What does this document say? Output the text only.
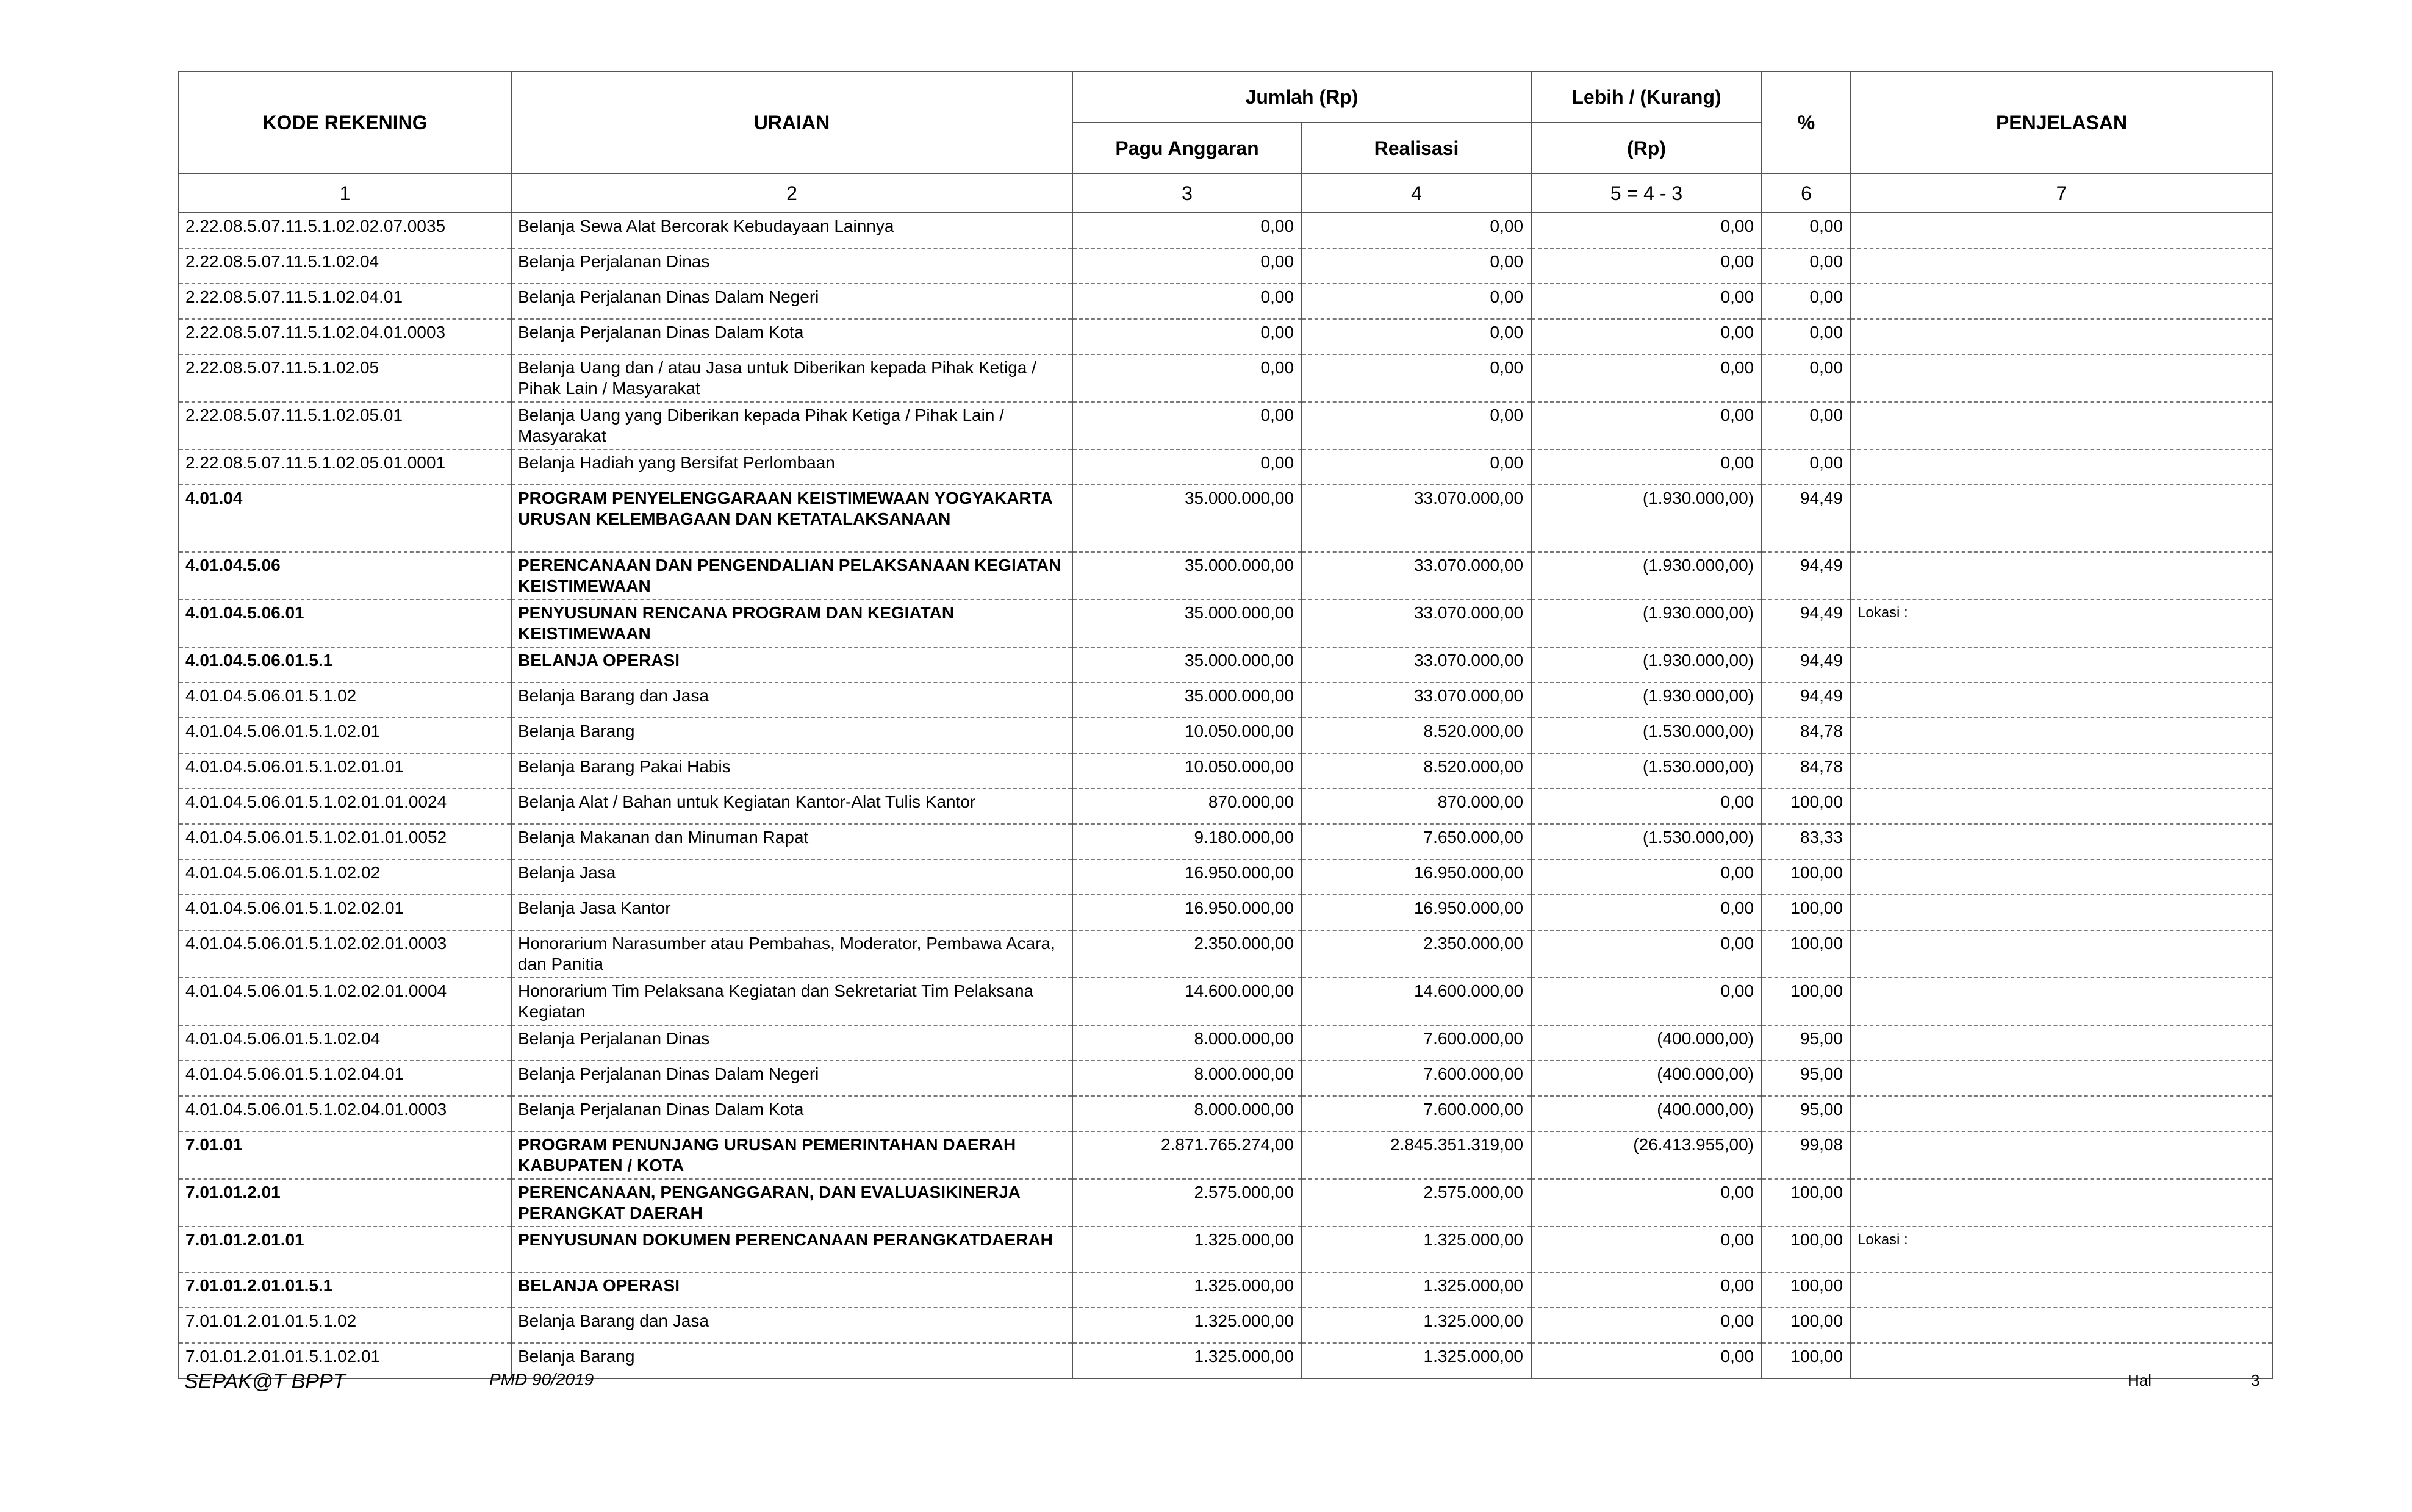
KODE REKENING	URAIAN	Jumlah (Rp)		Lebih / (Kurang)	%	PENJELASAN
		Pagu Anggaran	Realisasi	(Rp)		
1	2	3	4	5 = 4 - 3	6	7
2.22.08.5.07.11.5.1.02.02.07.0035	Belanja Sewa Alat Bercorak Kebudayaan Lainnya	0,00	0,00	0,00	0,00	
2.22.08.5.07.11.5.1.02.04	Belanja Perjalanan Dinas	0,00	0,00	0,00	0,00	
2.22.08.5.07.11.5.1.02.04.01	Belanja Perjalanan Dinas Dalam Negeri	0,00	0,00	0,00	0,00	
2.22.08.5.07.11.5.1.02.04.01.0003	Belanja Perjalanan Dinas Dalam Kota	0,00	0,00	0,00	0,00	
2.22.08.5.07.11.5.1.02.05	Belanja Uang dan / atau Jasa untuk Diberikan kepada Pihak Ketiga / Pihak Lain / Masyarakat	0,00	0,00	0,00	0,00	
2.22.08.5.07.11.5.1.02.05.01	Belanja Uang yang Diberikan kepada Pihak Ketiga / Pihak Lain / Masyarakat	0,00	0,00	0,00	0,00	
2.22.08.5.07.11.5.1.02.05.01.0001	Belanja Hadiah yang Bersifat Perlombaan	0,00	0,00	0,00	0,00	
4.01.04	PROGRAM PENYELENGGARAAN KEISTIMEWAAN YOGYAKARTA URUSAN KELEMBAGAAN DAN KETATALAKSANAAN	35.000.000,00	33.070.000,00	(1.930.000,00)	94,49	
4.01.04.5.06	PERENCANAAN DAN PENGENDALIAN PELAKSANAAN KEGIATAN KEISTIMEWAAN	35.000.000,00	33.070.000,00	(1.930.000,00)	94,49	
4.01.04.5.06.01	PENYUSUNAN RENCANA PROGRAM DAN KEGIATAN KEISTIMEWAAN	35.000.000,00	33.070.000,00	(1.930.000,00)	94,49	Lokasi :
4.01.04.5.06.01.5.1	BELANJA OPERASI	35.000.000,00	33.070.000,00	(1.930.000,00)	94,49	
4.01.04.5.06.01.5.1.02	Belanja Barang dan Jasa	35.000.000,00	33.070.000,00	(1.930.000,00)	94,49	
4.01.04.5.06.01.5.1.02.01	Belanja Barang	10.050.000,00	8.520.000,00	(1.530.000,00)	84,78	
4.01.04.5.06.01.5.1.02.01.01	Belanja Barang Pakai Habis	10.050.000,00	8.520.000,00	(1.530.000,00)	84,78	
4.01.04.5.06.01.5.1.02.01.01.0024	Belanja Alat / Bahan untuk Kegiatan Kantor-Alat Tulis Kantor	870.000,00	870.000,00	0,00	100,00	
4.01.04.5.06.01.5.1.02.01.01.0052	Belanja Makanan dan Minuman Rapat	9.180.000,00	7.650.000,00	(1.530.000,00)	83,33	
4.01.04.5.06.01.5.1.02.02	Belanja Jasa	16.950.000,00	16.950.000,00	0,00	100,00	
4.01.04.5.06.01.5.1.02.02.01	Belanja Jasa Kantor	16.950.000,00	16.950.000,00	0,00	100,00	
4.01.04.5.06.01.5.1.02.02.01.0003	Honorarium Narasumber atau Pembahas, Moderator, Pembawa Acara, dan Panitia	2.350.000,00	2.350.000,00	0,00	100,00	
4.01.04.5.06.01.5.1.02.02.01.0004	Honorarium Tim Pelaksana Kegiatan dan Sekretariat Tim Pelaksana Kegiatan	14.600.000,00	14.600.000,00	0,00	100,00	
4.01.04.5.06.01.5.1.02.04	Belanja Perjalanan Dinas	8.000.000,00	7.600.000,00	(400.000,00)	95,00	
4.01.04.5.06.01.5.1.02.04.01	Belanja Perjalanan Dinas Dalam Negeri	8.000.000,00	7.600.000,00	(400.000,00)	95,00	
4.01.04.5.06.01.5.1.02.04.01.0003	Belanja Perjalanan Dinas Dalam Kota	8.000.000,00	7.600.000,00	(400.000,00)	95,00	
7.01.01	PROGRAM PENUNJANG URUSAN PEMERINTAHAN DAERAH KABUPATEN / KOTA	2.871.765.274,00	2.845.351.319,00	(26.413.955,00)	99,08	
7.01.01.2.01	PERENCANAAN, PENGANGGARAN, DAN EVALUASIKINERJA PERANGKAT DAERAH	2.575.000,00	2.575.000,00	0,00	100,00	
7.01.01.2.01.01	PENYUSUNAN DOKUMEN PERENCANAAN PERANGKATDAERAH	1.325.000,00	1.325.000,00	0,00	100,00	Lokasi :
7.01.01.2.01.01.5.1	BELANJA OPERASI	1.325.000,00	1.325.000,00	0,00	100,00	
7.01.01.2.01.01.5.1.02	Belanja Barang dan Jasa	1.325.000,00	1.325.000,00	0,00	100,00	
7.01.01.2.01.01.5.1.02.01	Belanja Barang	1.325.000,00	1.325.000,00	0,00	100,00	
SEPAK@T BPPT	PMD 90/2019	Hal	3
